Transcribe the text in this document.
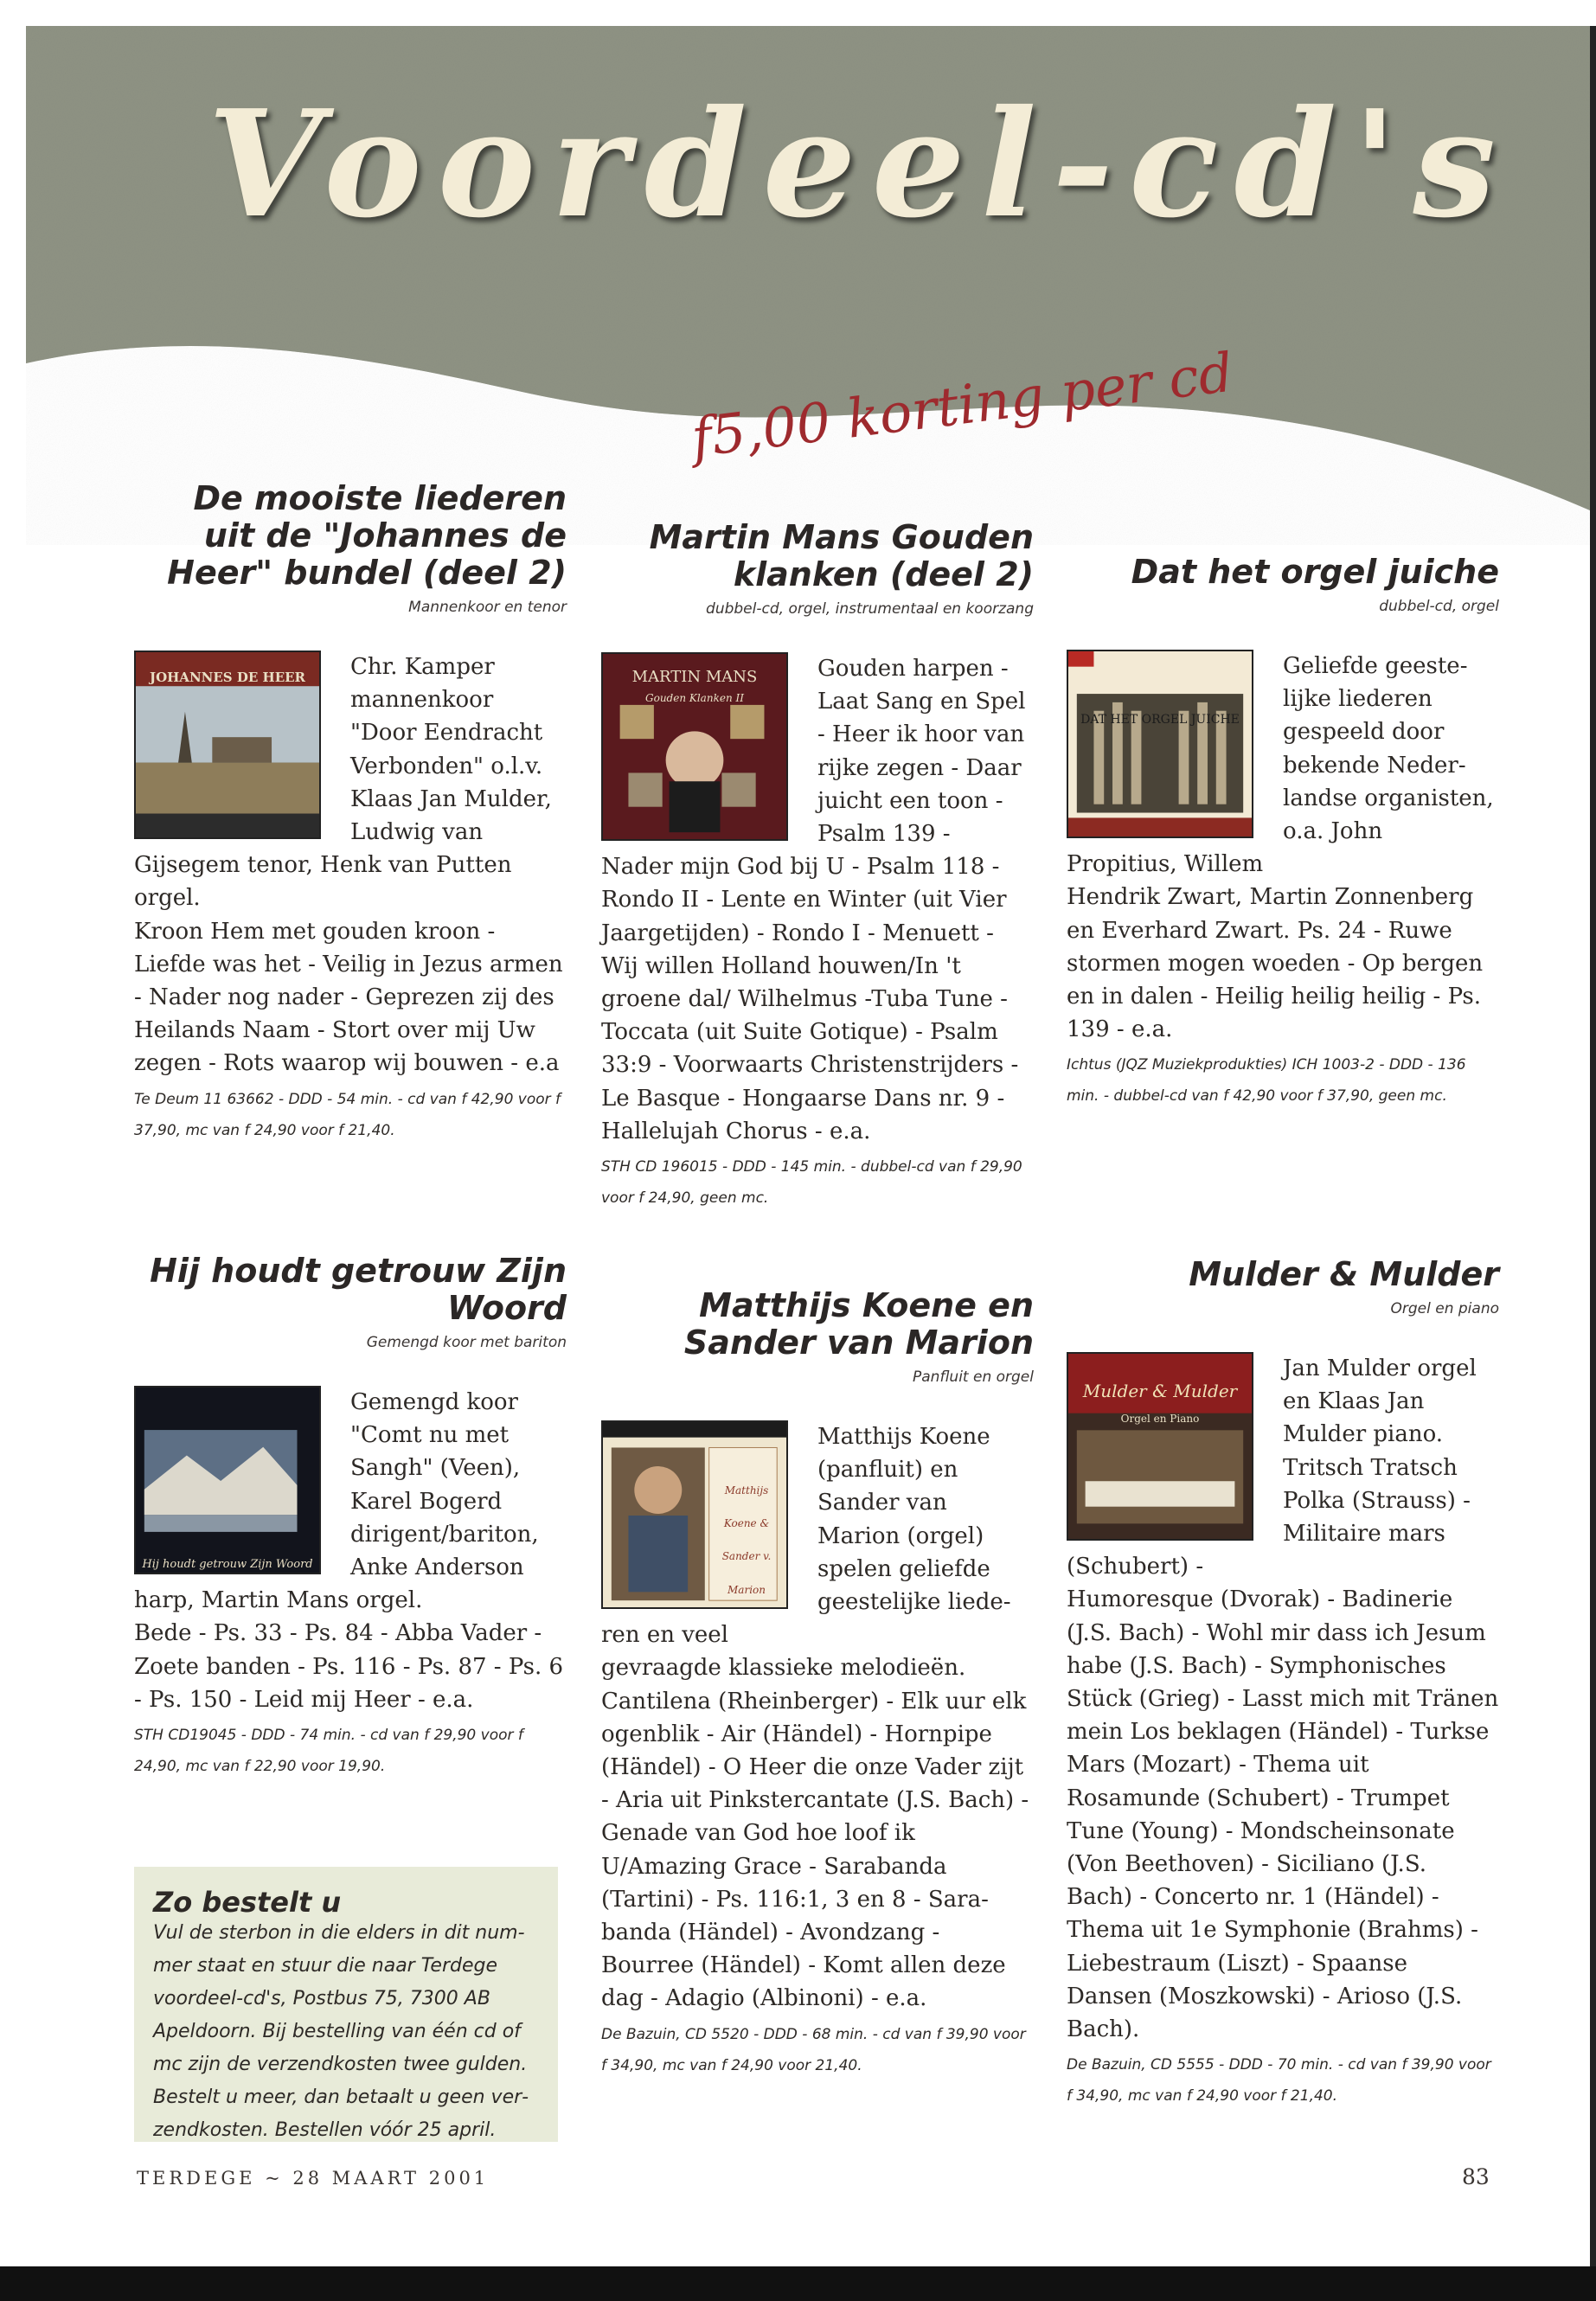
Voordeel-cd's
f5,00 korting per cd
De mooiste liederen uit de "Johannes de Heer" bundel (deel 2)
Mannenkoor en tenor
JOHANNES DE HEER	Chr. Kamper mannenkoor "Door Eendracht Verbonden" o.l.v. Klaas Jan Mulder, Ludwig van Gijsegem tenor, Henk van Putten orgel.
Kroon Hem met gouden kroon - Liefde was het - Veilig in Jezus armen - Nader nog nader - Geprezen zij des Heilands Naam - Stort over mij Uw zegen - Rots waarop wij bouwen - e.a
Te Deum 11 63662 - DDD - 54 min. - cd van f 42,90 voor f 37,90, mc van f 24,90 voor f 21,40.
Hij houdt getrouw Zijn Woord
Gemengd koor met bariton
Hij houdt getrouw Zijn Woord
Gemengd koor "Comt nu met Sangh" (Veen), Karel Bogerd dirigent/bariton, Anke Anderson harp, Martin Mans orgel.
Bede - Ps. 33 - Ps. 84 - Abba Vader - Zoete banden - Ps. 116 - Ps. 87 - Ps. 6 - Ps. 150 - Leid mij Heer - e.a.
STH CD19045 - DDD - 74 min. - cd van f 29,90 voor f 24,90, mc van f 22,90 voor 19,90.
Martin Mans Gouden klanken (deel 2)
dubbel-cd, orgel, instrumentaal en koorzang
MARTIN MANS
Gouden Klanken II
Gouden harpen - Laat Sang en Spel - Heer ik hoor van rijke zegen - Daar juicht een toon - Psalm 139 -
Nader mijn God bij U - Psalm 118 - Rondo II - Lente en Winter (uit Vier Jaargetijden) - Rondo I - Menuett - Wij willen Holland houwen/In 't groene dal/ Wilhelmus -Tuba Tune - Toccata (uit Suite Gotique) - Psalm 33:9 - Voorwaarts Christenstrijders - Le Basque - Hongaarse Dans nr. 9 - Hallelujah Chorus - e.a.
STH CD 196015 - DDD - 145 min. - dubbel-cd van f 29,90 voor f 24,90, geen mc.
Matthijs Koene en Sander van Marion
Panfluit en orgel
Matthijs Koene & Sander v. Marion
Matthijs Koene (panfluit) en Sander van Marion (orgel) spelen geliefde geestelijke liederen en veel
gevraagde klassieke melodieën. Cantilena (Rheinberger) - Elk uur elk ogenblik - Air (Händel) - Hornpipe (Händel) - O Heer die onze Vader zijt - Aria uit Pinkstercantate (J.S. Bach) - Genade van God hoe loof ik U/Amazing Grace - Sarabanda (Tartini) - Ps. 116:1, 3 en 8 - Sarabanda (Händel) - Avondzang - Bourree (Händel) - Komt allen deze dag - Adagio (Albinoni) - e.a.
De Bazuin, CD 5520 - DDD - 68 min. - cd van f 39,90 voor f 34,90, mc van f 24,90 voor 21,40.
Dat het orgel juiche
dubbel-cd, orgel
DAT HET ORGEL JUICHE
Geliefde geestelijke liederen gespeeld door bekende Nederlandse organisten, o.a. John Propitius, Willem
Hendrik Zwart, Martin Zonnenberg en Everhard Zwart. Ps. 24 - Ruwe stormen mogen woeden - Op bergen en in dalen - Heilig heilig heilig - Ps. 139 - e.a.
Ichtus (JQZ Muziekprodukties) ICH 1003-2 - DDD - 136 min. - dubbel-cd van f 42,90 voor f 37,90, geen mc.
Mulder & Mulder
Orgel en piano
Mulder & Mulder
Orgel en Piano
Jan Mulder orgel en Klaas Jan Mulder piano. Tritsch Tratsch Polka (Strauss) - Militaire mars (Schubert) -
Humoresque (Dvorak) - Badinerie (J.S. Bach) - Wohl mir dass ich Jesum habe (J.S. Bach) - Symphonisches Stück (Grieg) - Lasst mich mit Tränen mein Los beklagen (Händel) - Turkse Mars (Mozart) - Thema uit Rosamunde (Schubert) - Trumpet Tune (Young) - Mondscheinsonate (Von Beethoven) - Siciliano (J.S. Bach) - Concerto nr. 1 (Händel) - Thema uit 1e Symphonie (Brahms) - Liebestraum (Liszt) - Spaanse Dansen (Moszkowski) - Arioso (J.S. Bach).
De Bazuin, CD 5555 - DDD - 70 min. - cd van f 39,90 voor f 34,90, mc van f 24,90 voor f 21,40.
Zo bestelt u
Vul de sterbon in die elders in dit nummer staat en stuur die naar Terdege voordeel-cd's, Postbus 75, 7300 AB Apeldoorn. Bij bestelling van één cd of mc zijn de verzendkosten twee gulden. Bestelt u meer, dan betaalt u geen verzendkosten. Bestellen vóór 25 april.
TERDEGE ~ 28 MAART 2001	83
